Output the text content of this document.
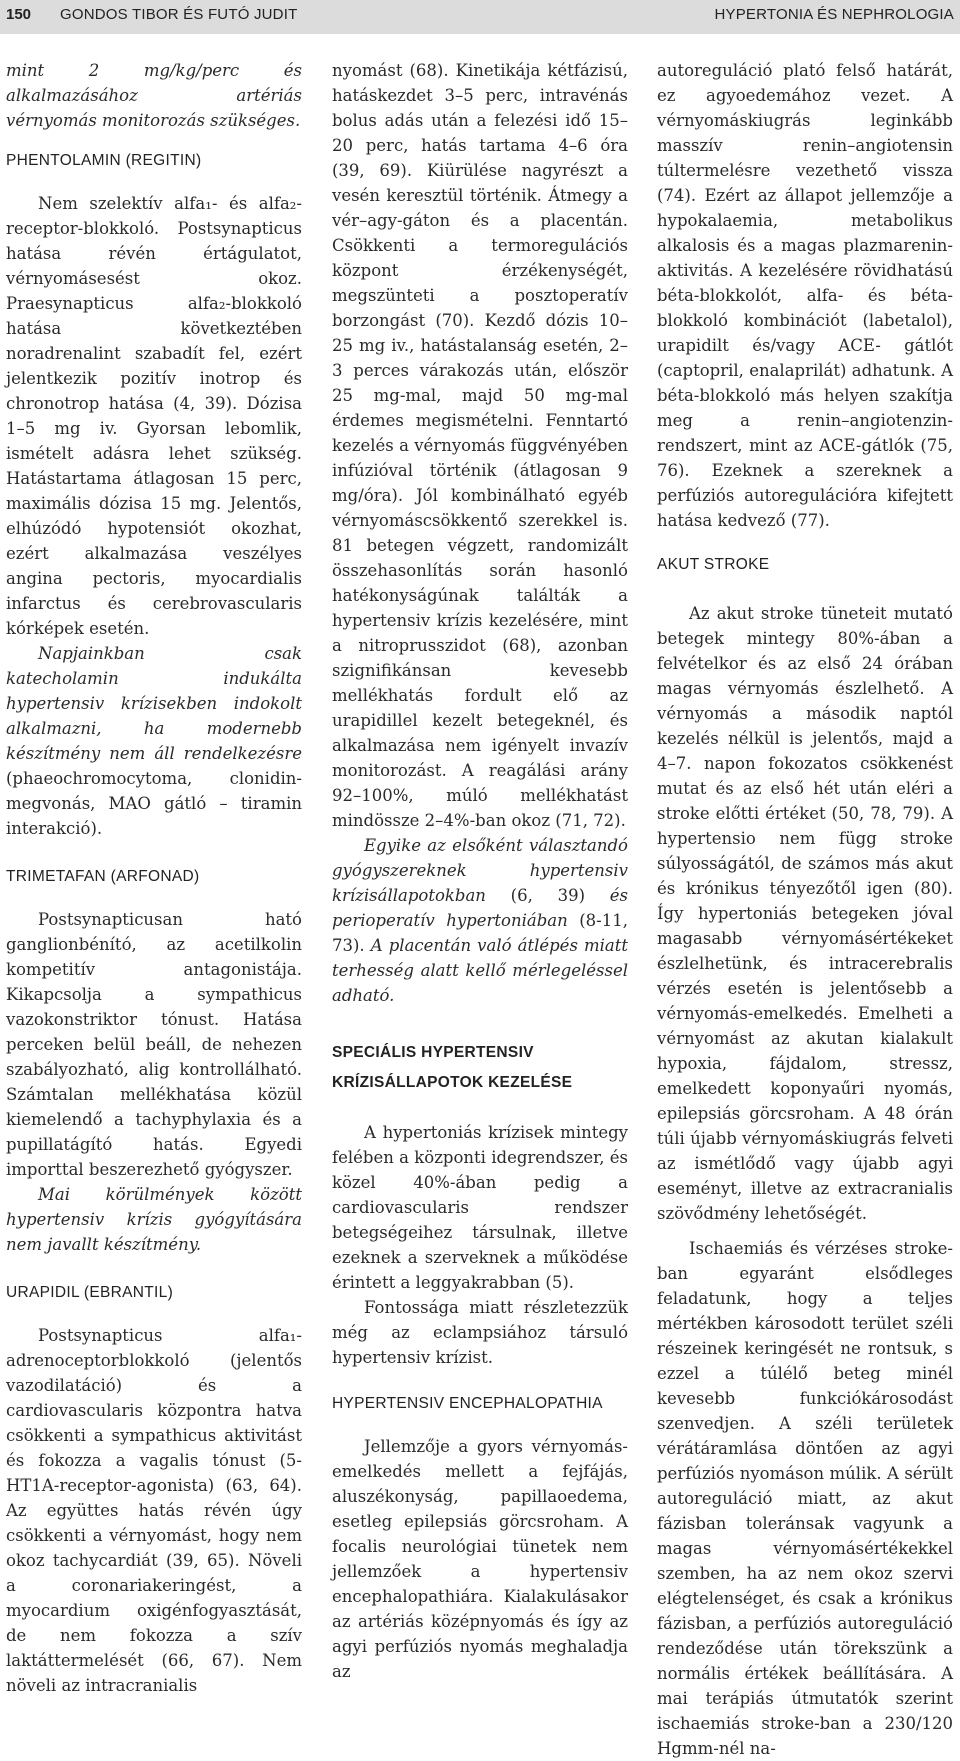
150 GONDOS TIBOR ÉS FUTÓ JUDIT	HYPERTONIA ÉS NEPHROLOGIA

mint 2 mg/kg/perc és alkalmazásához artériás vérnyomás monitorozás szükséges.

PHENTOLAMIN (REGITIN)

Nem szelektív alfa₁- és alfa₂-receptor-blokkoló. Postsynapticus hatása révén értágulatot, vérnyomásesést okoz. Praesynapticus alfa₂-blokkoló hatása következtében noradrenalint szabadít fel, ezért jelentkezik pozitív inotrop és chronotrop hatása (4, 39). Dózisa 1–5 mg iv. Gyorsan lebomlik, ismételt adásra lehet szükség. Hatástartama átlagosan 15 perc, maximális dózisa 15 mg. Jelentős, elhúzódó hypotensiót okozhat, ezért alkalmazása veszélyes angina pectoris, myocardialis infarctus és cerebrovascularis kórképek esetén.

Napjainkban csak katecholamin indukálta hypertensiv krízisekben indokolt alkalmazni, ha modernebb készítmény nem áll rendelkezésre (phaeochromocytoma, clonidin-megvonás, MAO gátló – tiramin interakció).

TRIMETAFAN (ARFONAD)

Postsynapticusan ható ganglionbénító, az acetilkolin kompetitív antagonistája. Kikapcsolja a sympathicus vazokonstriktor tónust. Hatása perceken belül beáll, de nehezen szabályozható, alig kontrollálható. Számtalan mellékhatása közül kiemelendő a tachyphylaxia és a pupillatágító hatás. Egyedi importtal beszerezhető gyógyszer.

Mai körülmények között hypertensiv krízis gyógyítására nem javallt készítmény.

URAPIDIL (EBRANTIL)

Postsynapticus alfa₁-adrenoceptorblokkoló (jelentős vazodilatáció) és a cardiovascularis központra hatva csökkenti a sympathicus aktivitást és fokozza a vagalis tónust (5-HT1A-receptor-agonista) (63, 64). Az együttes hatás révén úgy csökkenti a vérnyomást, hogy nem okoz tachycardiát (39, 65). Növeli a coronariakeringést, a myocardium oxigénfogyasztását, de nem fokozza a szív laktáttermelését (66, 67). Nem növeli az intracranialis

nyomást (68). Kinetikája kétfázisú, hatáskezdet 3–5 perc, intravénás bolus adás után a felezési idő 15–20 perc, hatás tartama 4–6 óra (39, 69). Kiürülése nagyrészt a vesén keresztül történik. Átmegy a vér–agy-gáton és a placentán. Csökkenti a termoregulációs központ érzékenységét, megszünteti a posztoperatív borzongást (70). Kezdő dózis 10–25 mg iv., hatástalanság esetén, 2–3 perces várakozás után, először 25 mg-mal, majd 50 mg-mal érdemes megismételni. Fenntartó kezelés a vérnyomás függvényében infúzióval történik (átlagosan 9 mg/óra). Jól kombinálható egyéb vérnyomáscsökkentő szerekkel is. 81 betegen végzett, randomizált összehasonlítás során hasonló hatékonyságúnak találták a hypertensiv krízis kezelésére, mint a nitroprusszidot (68), azonban szignifikánsan kevesebb mellékhatás fordult elő az urapidillel kezelt betegeknél, és alkalmazása nem igényelt invazív monitorozást. A reagálási arány 92–100%, múló mellékhatást mindössze 2–4%-ban okoz (71, 72).

Egyike az elsőként választandó gyógyszereknek hypertensiv krízisállapotokban (6, 39) és perioperatív hypertoniában (8-11, 73). A placentán való átlépés miatt terhesség alatt kellő mérlegeléssel adható.

SPECIÁLIS HYPERTENSIV
KRÍZISÁLLAPOTOK KEZELÉSE

A hypertoniás krízisek mintegy felében a központi idegrendszer, és közel 40%-ában pedig a cardiovascularis rendszer betegségeihez társulnak, illetve ezeknek a szerveknek a működése érintett a leggyakrabban (5).

Fontossága miatt részletezzük még az eclampsiához társuló hypertensiv krízist.

HYPERTENSIV ENCEPHALOPATHIA

Jellemzője a gyors vérnyomás-emelkedés mellett a fejfájás, aluszékonyság, papillaoedema, esetleg epilepsiás görcsroham. A focalis neurológiai tünetek nem jellemzőek a hypertensiv encephalopathiára. Kialakulásakor az artériás középnyomás és így az agyi perfúziós nyomás meghaladja az

autoreguláció plató felső határát, ez agyoedemához vezet. A vérnyomáskiugrás leginkább masszív renin–angiotensin túltermelésre vezethető vissza (74). Ezért az állapot jellemzője a hypokalaemia, metabolikus alkalosis és a magas plazmarenin-aktivitás. A kezelésére rövidhatású béta-blokkolót, alfa- és béta-blokkoló kombinációt (labetalol), urapidilt és/vagy ACE- gátlót (captopril, enalaprilát) adhatunk. A béta-blokkoló más helyen szakítja meg a renin–angiotenzin-rendszert, mint az ACE-gátlók (75, 76). Ezeknek a szereknek a perfúziós autoregulációra kifejtett hatása kedvező (77).

AKUT STROKE

Az akut stroke tüneteit mutató betegek mintegy 80%-ában a felvételkor és az első 24 órában magas vérnyomás észlelhető. A vérnyomás a második naptól kezelés nélkül is jelentős, majd a 4–7. napon fokozatos csökkenést mutat és az első hét után eléri a stroke előtti értéket (50, 78, 79). A hypertensio nem függ stroke súlyosságától, de számos más akut és krónikus tényezőtől igen (80). Így hypertoniás betegeken jóval magasabb vérnyomásértékeket észlelhetünk, és intracerebralis vérzés esetén is jelentősebb a vérnyomás-emelkedés. Emelheti a vérnyomást az akutan kialakult hypoxia, fájdalom, stressz, emelkedett koponyaűri nyomás, epilepsiás görcsroham. A 48 órán túli újabb vérnyomáskiugrás felveti az ismétlődő vagy újabb agyi eseményt, illetve az extracranialis szövődmény lehetőségét.

Ischaemiás és vérzéses stroke-ban egyaránt elsődleges feladatunk, hogy a teljes mértékben károsodott terület széli részeinek keringését ne rontsuk, s ezzel a túlélő beteg minél kevesebb funkciókárosodást szenvedjen. A széli területek vérátáramlása döntően az agyi perfúziós nyomáson múlik. A sérült autoreguláció miatt, az akut fázisban toleránsak vagyunk a magas vérnyomásértékekkel szemben, ha az nem okoz szervi elégtelenséget, és csak a krónikus fázisban, a perfúziós autoreguláció rendeződése után törekszünk a normális értékek beállítására. A mai terápiás útmutatók szerint ischaemiás stroke-ban a 230/120 Hgmm-nél na-
